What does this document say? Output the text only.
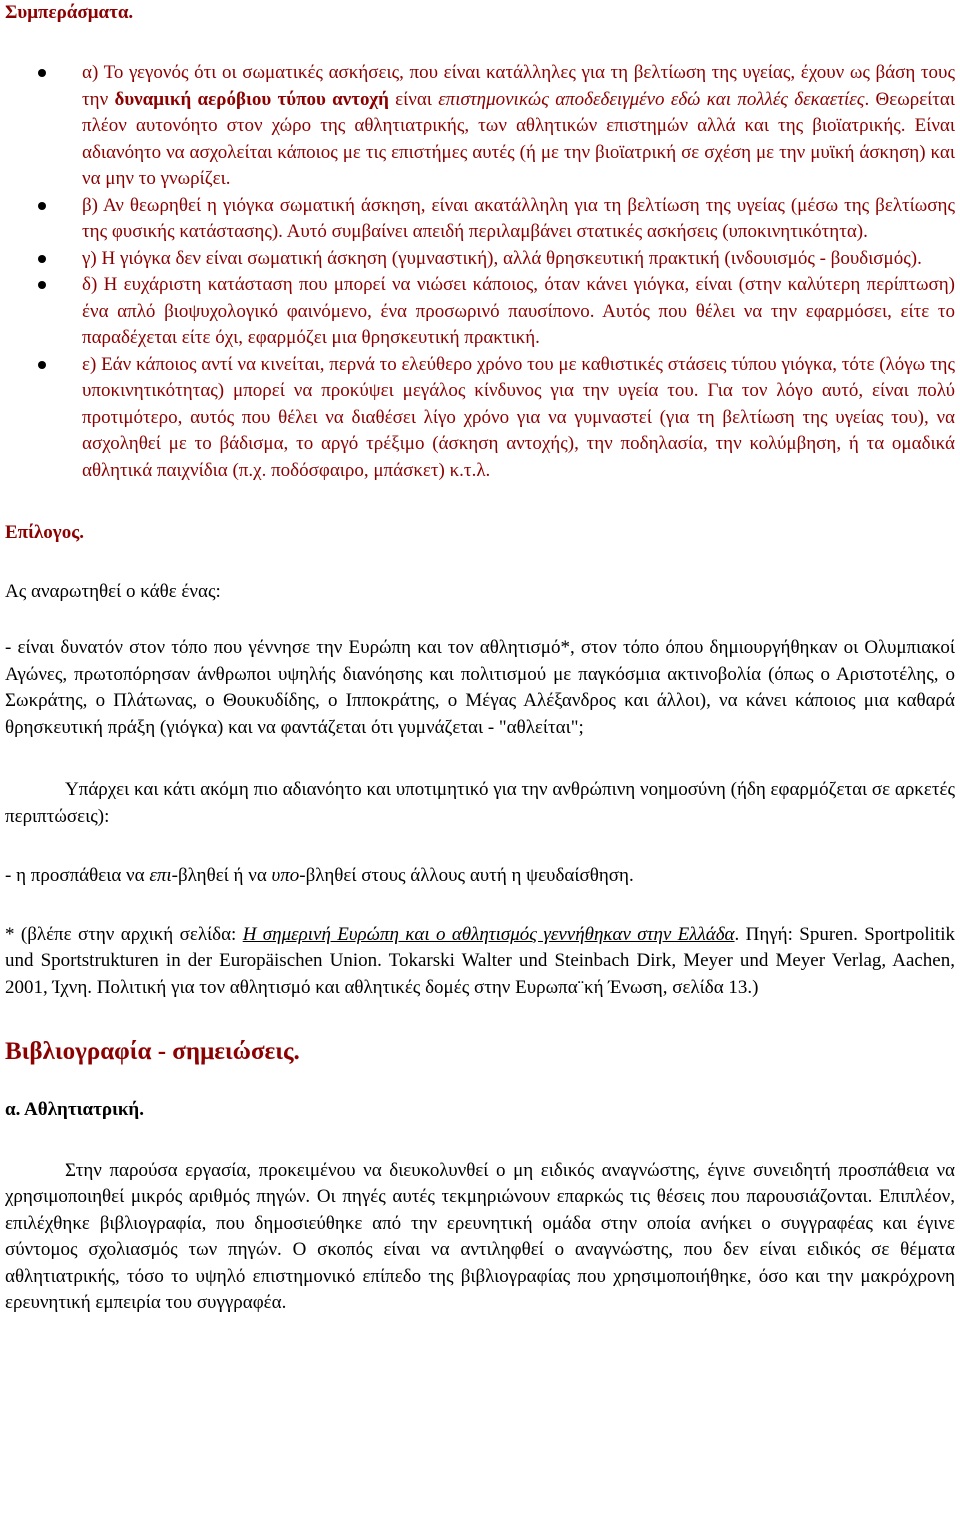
Συμπεράσματα.
α) Το γεγονός ότι οι σωματικές ασκήσεις, που είναι κατάλληλες για τη βελτίωση της υγείας, έχουν ως βάση τους την δυναμική αερόβιου τύπου αντοχή είναι επιστημονικώς αποδεδειγμένο εδώ και πολλές δεκαετίες. Θεωρείται πλέον αυτονόητο στον χώρο της αθλητιατρικής, των αθλητικών επιστημών αλλά και της βιοϊατρικής. Είναι αδιανόητο να ασχολείται κάποιος με τις επιστήμες αυτές (ή με την βιοϊατρική σε σχέση με την μυϊκή άσκηση) και να μην το γνωρίζει.
β) Αν θεωρηθεί η γιόγκα σωματική άσκηση, είναι ακατάλληλη για τη βελτίωση της υγείας (μέσω της βελτίωσης της φυσικής κατάστασης). Αυτό συμβαίνει απειδή περιλαμβάνει στατικές ασκήσεις (υποκινητικότητα).
γ) Η γιόγκα δεν είναι σωματική άσκηση (γυμναστική), αλλά θρησκευτική πρακτική (ινδουισμός - βουδισμός).
δ) Η ευχάριστη κατάσταση που μπορεί να νιώσει κάποιος, όταν κάνει γιόγκα, είναι (στην καλύτερη περίπτωση) ένα απλό βιοψυχολογικό φαινόμενο, ένα προσωρινό παυσίπονο. Αυτός που θέλει να την εφαρμόσει, είτε το παραδέχεται είτε όχι, εφαρμόζει μια θρησκευτική πρακτική.
ε) Εάν κάποιος αντί να κινείται, περνά το ελεύθερο χρόνο του με καθιστικές στάσεις τύπου γιόγκα, τότε (λόγω της υποκινητικότητας) μπορεί να προκύψει μεγάλος κίνδυνος για την υγεία του. Για τον λόγο αυτό, είναι πολύ προτιμότερο, αυτός που θέλει να διαθέσει λίγο χρόνο για να γυμναστεί (για τη βελτίωση της υγείας του), να ασχοληθεί με το βάδισμα, το αργό τρέξιμο (άσκηση αντοχής), την ποδηλασία, την κολύμβηση, ή τα ομαδικά αθλητικά παιχνίδια (π.χ. ποδόσφαιρο, μπάσκετ) κ.τ.λ.
Επίλογος.

Ας αναρωτηθεί ο κάθε ένας:

- είναι δυνατόν στον τόπο που γέννησε την Ευρώπη και τον αθλητισμό*, στον τόπο όπου δημιουργήθηκαν οι Ολυμπιακοί Αγώνες, πρωτοπόρησαν άνθρωποι υψηλής διανόησης και πολιτισμού με παγκόσμια ακτινοβολία (όπως ο Αριστοτέλης, ο Σωκράτης, ο Πλάτωνας, ο Θουκυδίδης, ο Ιπποκράτης, ο Μέγας Αλέξανδρος και άλλοι), να κάνει κάποιος μια καθαρά θρησκευτική πράξη (γιόγκα) και να φαντάζεται ότι γυμνάζεται - "αθλείται";

Υπάρχει και κάτι ακόμη πιο αδιανόητο και υποτιμητικό για την ανθρώπινη νοημοσύνη (ήδη εφαρμόζεται σε αρκετές περιπτώσεις):

- η προσπάθεια να επι-βληθεί ή να υπο-βληθεί στους άλλους αυτή η ψευδαίσθηση.

* (βλέπε στην αρχική σελίδα: Η σημερινή Ευρώπη και ο αθλητισμός γεννήθηκαν στην Ελλάδα. Πηγή: Spuren. Sportpolitik und Sportstrukturen in der Europäischen Union. Tokarski Walter und Steinbach Dirk, Meyer und Meyer Verlag, Aachen, 2001, Ίχνη. Πολιτική για τον αθλητισμό και αθλητικές δομές στην Ευρωπα¨κή Ένωση, σελίδα 13.)

Βιβλιογραφία - σημειώσεις.
α. Αθλητιατρική.

Στην παρούσα εργασία, προκειμένου να διευκολυνθεί ο μη ειδικός αναγνώστης, έγινε συνειδητή προσπάθεια να χρησιμοποιηθεί μικρός αριθμός πηγών. Οι πηγές αυτές τεκμηριώνουν επαρκώς τις θέσεις που παρουσιάζονται. Επιπλέον, επιλέχθηκε βιβλιογραφία, που δημοσιεύθηκε από την ερευνητική ομάδα στην οποία ανήκει ο συγγραφέας και έγινε σύντομος σχολιασμός των πηγών. Ο σκοπός είναι να αντιληφθεί ο αναγνώστης, που δεν είναι ειδικός σε θέματα αθλητιατρικής, τόσο το υψηλό επιστημονικό επίπεδο της βιβλιογραφίας που χρησιμοποιήθηκε, όσο και την μακρόχρονη ερευνητική εμπειρία του συγγραφέα.
